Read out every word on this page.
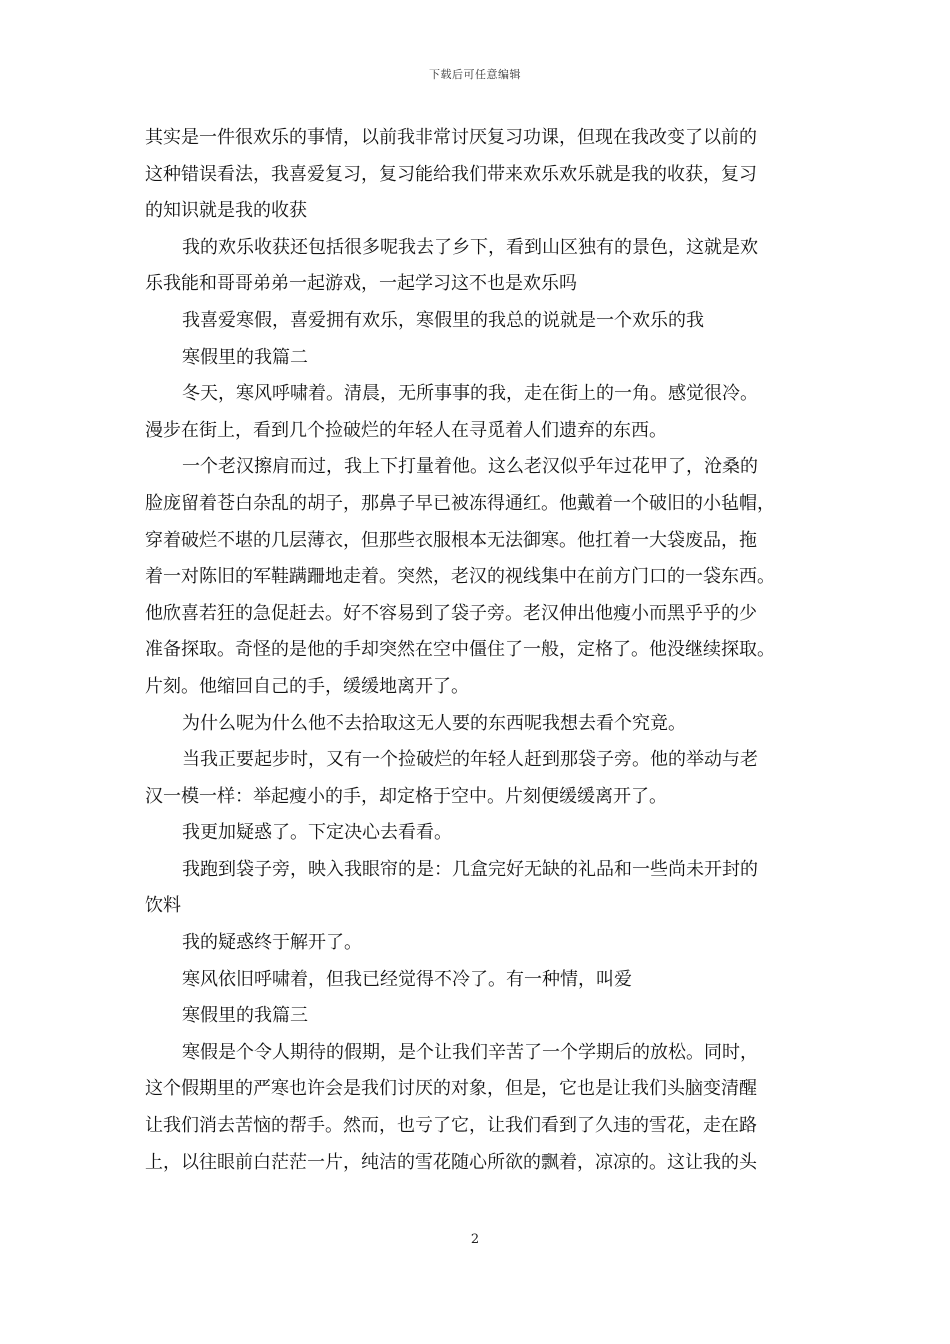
下载后可任意编辑
其实是一件很欢乐的事情，以前我非常讨厌复习功课，但现在我改变了以前的
这种错误看法，我喜爱复习，复习能给我们带来欢乐欢乐就是我的收获，复习
的知识就是我的收获
我的欢乐收获还包括很多呢我去了乡下，看到山区独有的景色，这就是欢
乐我能和哥哥弟弟一起游戏，一起学习这不也是欢乐吗
我喜爱寒假，喜爱拥有欢乐，寒假里的我总的说就是一个欢乐的我
寒假里的我篇二
冬天，寒风呼啸着。清晨，无所事事的我，走在街上的一角。感觉很冷。
漫步在街上，看到几个捡破烂的年轻人在寻觅着人们遗弃的东西。
一个老汉擦肩而过，我上下打量着他。这么老汉似乎年过花甲了，沧桑的
脸庞留着苍白杂乱的胡子，那鼻子早已被冻得通红。他戴着一个破旧的小毡帽，
穿着破烂不堪的几层薄衣，但那些衣服根本无法御寒。他扛着一大袋废品，拖
着一对陈旧的军鞋蹒跚地走着。突然，老汉的视线集中在前方门口的一袋东西。
他欣喜若狂的急促赶去。好不容易到了袋子旁。老汉伸出他瘦小而黑乎乎的少
准备探取。奇怪的是他的手却突然在空中僵住了一般，定格了。他没继续探取。
片刻。他缩回自己的手，缓缓地离开了。
为什么呢为什么他不去拾取这无人要的东西呢我想去看个究竟。
当我正要起步时，又有一个捡破烂的年轻人赶到那袋子旁。他的举动与老
汉一模一样：举起瘦小的手，却定格于空中。片刻便缓缓离开了。
我更加疑惑了。下定决心去看看。
我跑到袋子旁，映入我眼帘的是：几盒完好无缺的礼品和一些尚未开封的
饮料
我的疑惑终于解开了。
寒风依旧呼啸着，但我已经觉得不冷了。有一种情，叫爱
寒假里的我篇三
寒假是个令人期待的假期，是个让我们辛苦了一个学期后的放松。同时，
这个假期里的严寒也许会是我们讨厌的对象，但是，它也是让我们头脑变清醒
让我们消去苦恼的帮手。然而，也亏了它，让我们看到了久违的雪花，走在路
上，以往眼前白茫茫一片，纯洁的雪花随心所欲的飘着，凉凉的。这让我的头
2
